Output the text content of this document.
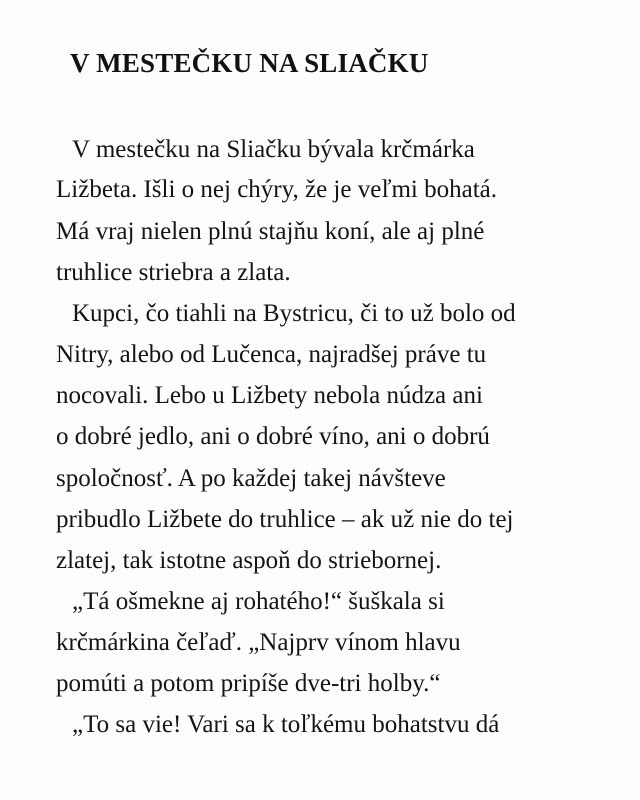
V MESTEČKU NA SLIAČKU

V mestečku na Sliačku bývala krčmárka

Ližbeta. Išli o nej chýry, že je veľmi bohatá.

Má vraj nielen plnú stajňu koní, ale aj plné

truhlice striebra a zlata.

Kupci, čo tiahli na Bystricu, či to už bolo od

Nitry, alebo od Lučenca, najradšej práve tu

nocovali. Lebo u Ližbety nebola núdza ani

o dobré jedlo, ani o dobré víno, ani o dobrú

spoločnosť. A po každej takej návšteve

pribudlo Ližbete do truhlice – ak už nie do tej

zlatej, tak istotne aspoň do striebornej.

„Tá ošmekne aj rohatého!“ šuškala si

krčmárkina čeľaď. „Najprv vínom hlavu

pomúti a potom pripíše dve-tri holby.“

„To sa vie! Vari sa k toľkému bohatstvu dá
